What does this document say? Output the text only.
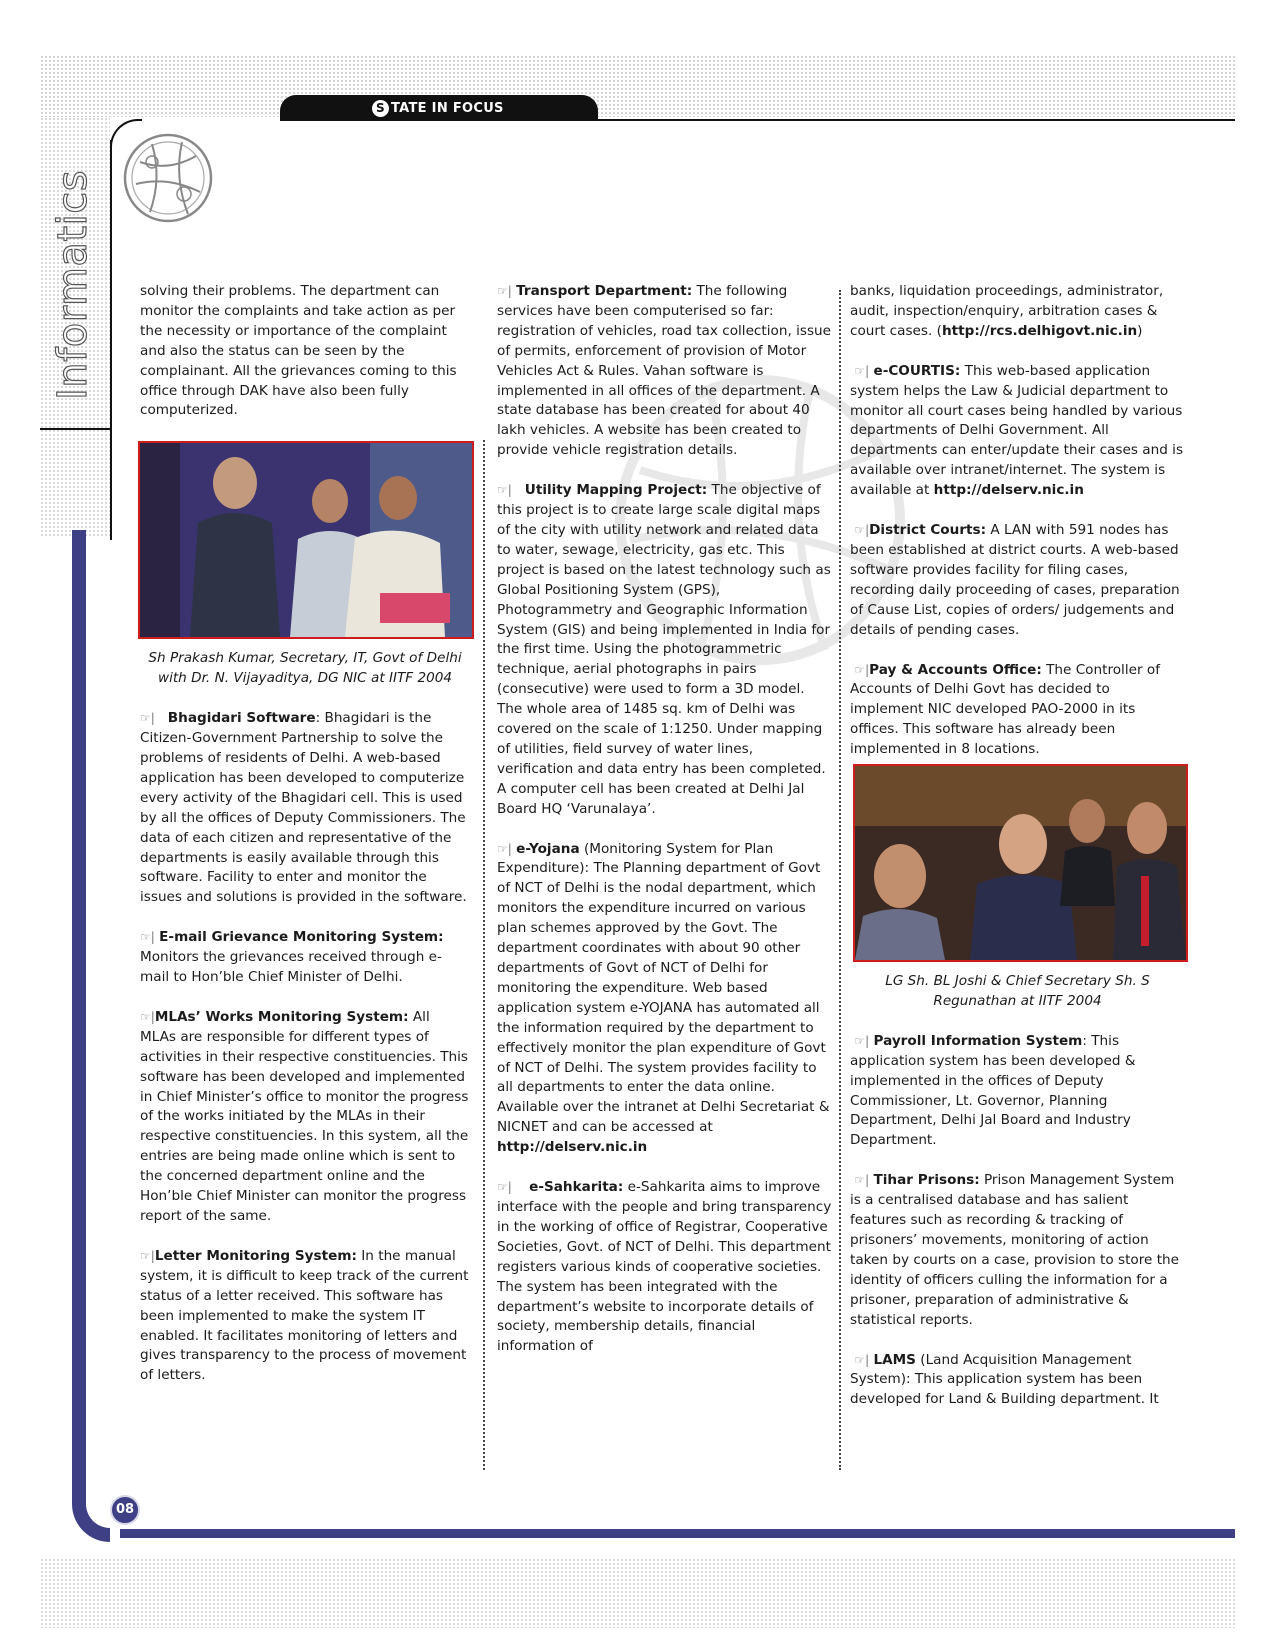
S TATE IN FOCUS
Informatics
08

solving their problems. The department can monitor the complaints and take action as per the necessity or importance of the complaint and also the status can be seen by the complainant. All the grievances coming to this office through DAK have also been fully computerized.

Sh Prakash Kumar, Secretary, IT, Govt of Delhi with Dr. N. Vijayaditya, DG NIC at IITF 2004

☞| Bhagidari Software: Bhagidari is the Citizen-Government Partnership to solve the problems of residents of Delhi. A web-based application has been developed to computerize every activity of the Bhagidari cell. This is used by all the offices of Deputy Commissioners. The data of each citizen and representative of the departments is easily available through this software. Facility to enter and monitor the issues and solutions is provided in the software.

☞| E-mail Grievance Monitoring System: Monitors the grievances received through e-mail to Hon’ble Chief Minister of Delhi.

☞|MLAs’ Works Monitoring System: All MLAs are responsible for different types of activities in their respective constituencies. This software has been developed and implemented in Chief Minister’s office to monitor the progress of the works initiated by the MLAs in their respective constituencies. In this system, all the entries are being made online which is sent to the concerned department online and the Hon’ble Chief Minister can monitor the progress report of the same.

☞|Letter Monitoring System: In the manual system, it is difficult to keep track of the current status of a letter received. This software has been implemented to make the system IT enabled. It facilitates monitoring of letters and gives transparency to the process of movement of letters.

☞| Transport Department: The following services have been computerised so far: registration of vehicles, road tax collection, issue of permits, enforcement of provision of Motor Vehicles Act & Rules. Vahan software is implemented in all offices of the department. A state database has been created for about 40 lakh vehicles. A website has been created to provide vehicle registration details.

☞| Utility Mapping Project: The objective of this project is to create large scale digital maps of the city with utility network and related data to water, sewage, electricity, gas etc. This project is based on the latest technology such as Global Positioning System (GPS), Photogrammetry and Geographic Information System (GIS) and being implemented in India for the first time. Using the photogrammetric technique, aerial photographs in pairs (consecutive) were used to form a 3D model. The whole area of 1485 sq. km of Delhi was covered on the scale of 1:1250. Under mapping of utilities, field survey of water lines, verification and data entry has been completed. A computer cell has been created at Delhi Jal Board HQ ‘Varunalaya’.

☞| e-Yojana (Monitoring System for Plan Expenditure): The Planning department of Govt of NCT of Delhi is the nodal department, which monitors the expenditure incurred on various plan schemes approved by the Govt. The department coordinates with about 90 other departments of Govt of NCT of Delhi for monitoring the expenditure. Web based application system e-YOJANA has automated all the information required by the department to effectively monitor the plan expenditure of Govt of NCT of Delhi. The system provides facility to all departments to enter the data online. Available over the intranet at Delhi Secretariat & NICNET and can be accessed at http://delserv.nic.in

☞| e-Sahkarita: e-Sahkarita aims to improve interface with the people and bring transparency in the working of office of Registrar, Cooperative Societies, Govt. of NCT of Delhi. This department registers various kinds of cooperative societies. The system has been integrated with the department’s website to incorporate details of society, membership details, financial information of

banks, liquidation proceedings, administrator, audit, inspection/enquiry, arbitration cases & court cases. (http://rcs.delhigovt.nic.in)

☞| e-COURTIS: This web-based application system helps the Law & Judicial department to monitor all court cases being handled by various departments of Delhi Government. All departments can enter/update their cases and is available over intranet/internet. The system is available at http://delserv.nic.in

☞|District Courts: A LAN with 591 nodes has been established at district courts. A web-based software provides facility for filing cases, recording daily proceeding of cases, preparation of Cause List, copies of orders/ judgements and details of pending cases.

☞|Pay & Accounts Office: The Controller of Accounts of Delhi Govt has decided to implement NIC developed PAO-2000 in its offices. This software has already been implemented in 8 locations.

LG Sh. BL Joshi & Chief Secretary Sh. S Regunathan at IITF 2004

☞| Payroll Information System: This application system has been developed & implemented in the offices of Deputy Commissioner, Lt. Governor, Planning Department, Delhi Jal Board and Industry Department.

☞| Tihar Prisons: Prison Management System is a centralised database and has salient features such as recording & tracking of prisoners’ movements, monitoring of action taken by courts on a case, provision to store the identity of officers culling the information for a prisoner, preparation of administrative & statistical reports.

☞| LAMS (Land Acquisition Management System): This application system has been developed for Land & Building department. It
